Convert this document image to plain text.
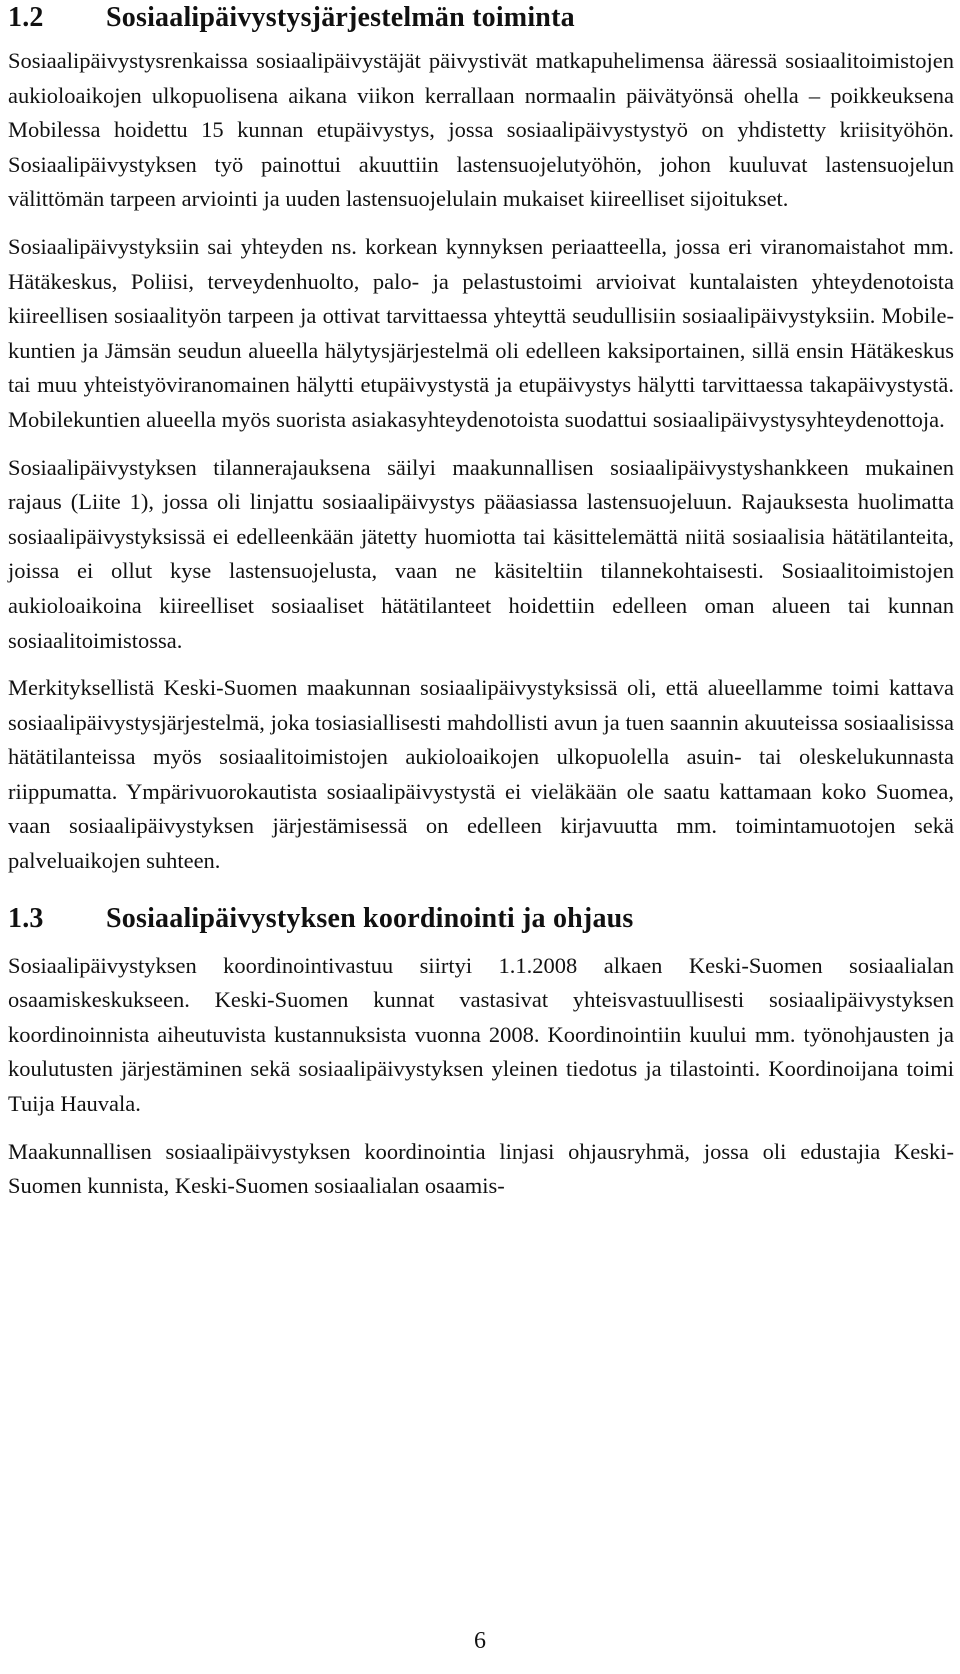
1.2 Sosiaalipäivystysjärjestelmän toiminta

Sosiaalipäivystysrenkaissa sosiaalipäivystäjät päivystivät matkapuhelimensa ääressä sosiaalitoimistojen aukioloaikojen ulkopuolisena aikana viikon kerrallaan normaalin päivätyönsä ohella – poikkeuksena Mobilessa hoidettu 15 kunnan etupäivystys, jossa sosiaalipäivystystyö on yhdistetty kriisityöhön. Sosiaalipäivystyksen työ painottui akuuttiin lastensuojelutyöhön, johon kuuluvat lastensuojelun välittömän tarpeen arviointi ja uuden lastensuojelulain mukaiset kiireelliset sijoitukset.

Sosiaalipäivystyksiin sai yhteyden ns. korkean kynnyksen periaatteella, jossa eri viranomaistahot mm. Hätäkeskus, Poliisi, terveydenhuolto, palo- ja pelastustoimi arvioivat kuntalaisten yhteydenotoista kiireellisen sosiaalityön tarpeen ja ottivat tarvittaessa yhteyttä seudullisiin sosiaalipäivystyksiin. Mobile-kuntien ja Jämsän seudun alueella hälytysjärjestelmä oli edelleen kaksiportainen, sillä ensin Hätäkeskus tai muu yhteistyöviranomainen hälytti etupäivystystä ja etupäivystys hälytti tarvittaessa takapäivystystä. Mobilekuntien alueella myös suorista asiakasyhteydenotoista suodattui sosiaalipäivystysyhteydenottoja.

Sosiaalipäivystyksen tilannerajauksena säilyi maakunnallisen sosiaalipäivystyshankkeen mukainen rajaus (Liite 1), jossa oli linjattu sosiaalipäivystys pääasiassa lastensuojeluun. Rajauksesta huolimatta sosiaalipäivystyksissä ei edelleenkään jätetty huomiotta tai käsittelemättä niitä sosiaalisia hätätilanteita, joissa ei ollut kyse lastensuojelusta, vaan ne käsiteltiin tilannekohtaisesti. Sosiaalitoimistojen aukioloaikoina kiireelliset sosiaaliset hätätilanteet hoidettiin edelleen oman alueen tai kunnan sosiaalitoimistossa.

Merkityksellistä Keski-Suomen maakunnan sosiaalipäivystyksissä oli, että alueellamme toimi kattava sosiaalipäivystysjärjestelmä, joka tosiasiallisesti mahdollisti avun ja tuen saannin akuuteissa sosiaalisissa hätätilanteissa myös sosiaalitoimistojen aukioloaikojen ulkopuolella asuin- tai oleskelukunnasta riippumatta. Ympärivuorokautista sosiaalipäivystystä ei vieläkään ole saatu kattamaan koko Suomea, vaan sosiaalipäivystyksen järjestämisessä on edelleen kirjavuutta mm. toimintamuotojen sekä palveluaikojen suhteen.

1.3 Sosiaalipäivystyksen koordinointi ja ohjaus

Sosiaalipäivystyksen koordinointivastuu siirtyi 1.1.2008 alkaen Keski-Suomen sosiaalialan osaamiskeskukseen. Keski-Suomen kunnat vastasivat yhteisvastuullisesti sosiaalipäivystyksen koordinoinnista aiheutuvista kustannuksista vuonna 2008. Koordinointiin kuului mm. työnohjausten ja koulutusten järjestäminen sekä sosiaalipäivystyksen yleinen tiedotus ja tilastointi. Koordinoijana toimi Tuija Hauvala.

Maakunnallisen sosiaalipäivystyksen koordinointia linjasi ohjausryhmä, jossa oli edustajia Keski-Suomen kunnista, Keski-Suomen sosiaalialan osaamis-

6
